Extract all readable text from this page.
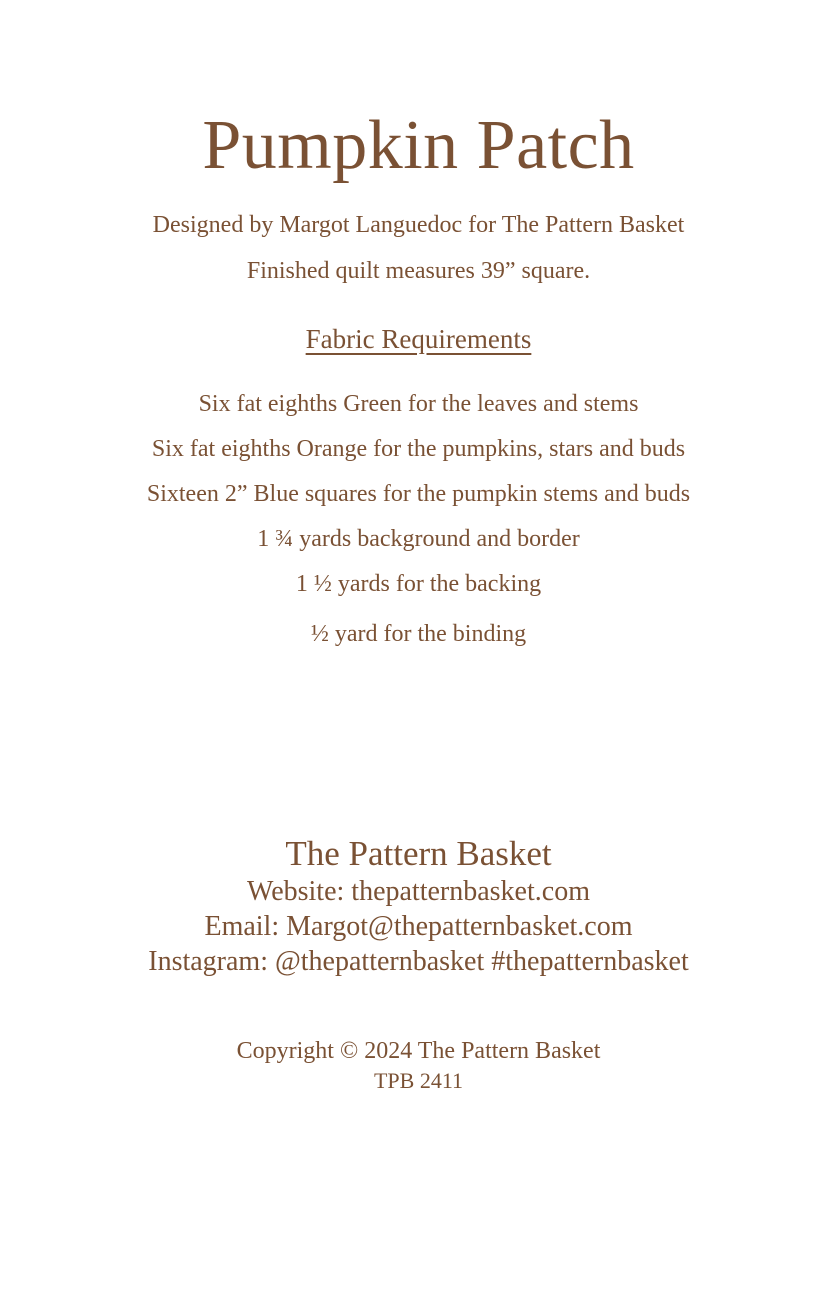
Pumpkin Patch
Designed by Margot Languedoc for The Pattern Basket
Finished quilt measures 39” square.
Fabric Requirements
Six fat eighths Green for the leaves and stems
Six fat eighths Orange for the pumpkins, stars and buds
Sixteen 2” Blue squares for the pumpkin stems and buds
1 ¾ yards background and border
1 ½ yards for the backing
½ yard for the binding
The Pattern Basket
Website: thepatternbasket.com
Email: Margot@thepatternbasket.com
Instagram: @thepatternbasket #thepatternbasket
Copyright © 2024 The Pattern Basket
TPB 2411
